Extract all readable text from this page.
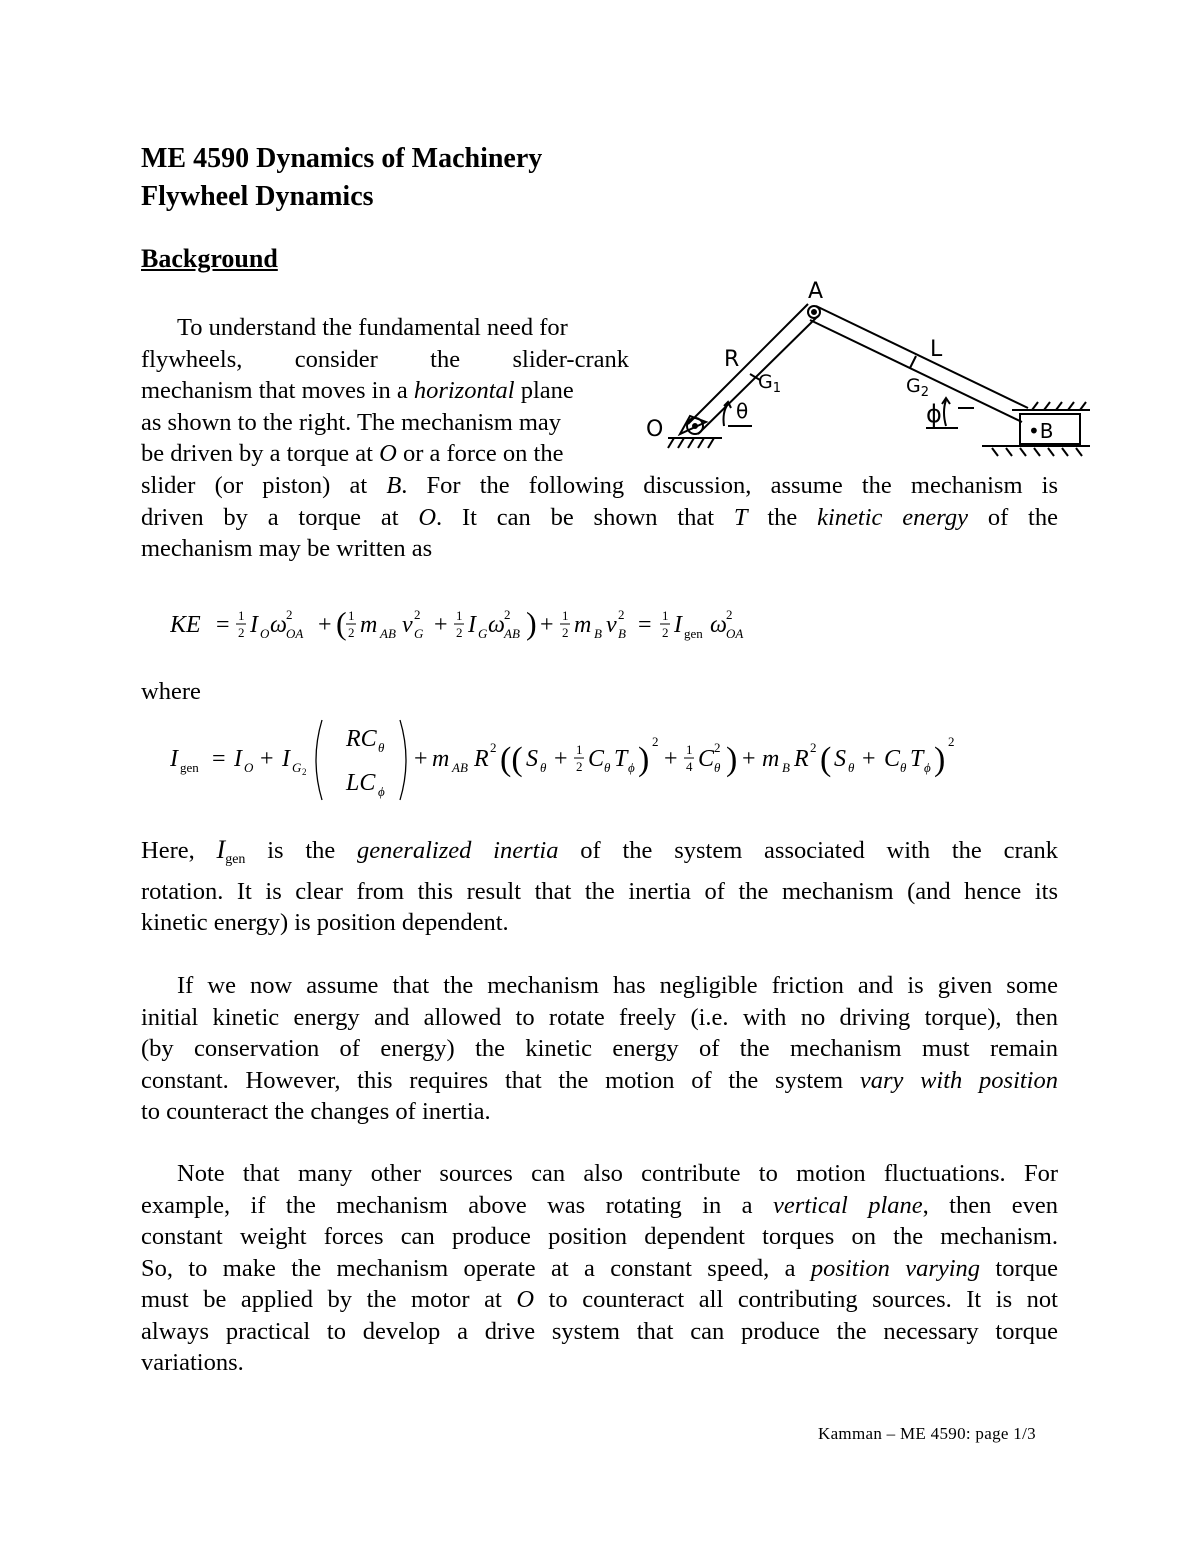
ME 4590 Dynamics of Machinery
Flywheel Dynamics
Background
To understand the fundamental need for
flywheels, consider the slider-crank
mechanism that moves in a horizontal plane
as shown to the right. The mechanism may
be driven by a torque at O or a force on the
slider (or piston) at B. For the following discussion, assume the mechanism is
driven by a torque at O. It can be shown that T the kinetic energy of the
mechanism may be written as
A
R	L
$G_1$	$G_2$
O
θ	ϕ
•B
KE = 1
2 I O ω 2
OA + ( 1
2 m AB v 2
G + 1
2 I G ω 2
AB ) + 1
2 m B v 2
B = 1
2 I gen ω 2
OA
where
I gen = I O + I G 2
RC θ
LC ϕ
+ m AB R 2 (( S θ + 1
2 C θ T ϕ ) 2
+ 1
4 C 2
θ ) + m B R 2 ( S θ + C θ T ϕ ) 2
Here, $I_{gen}$ is the generalized inertia of the system associated with the crank
rotation. It is clear from this result that the inertia of the mechanism (and hence its
kinetic energy) is position dependent.
If we now assume that the mechanism has negligible friction and is given some
initial kinetic energy and allowed to rotate freely (i.e. with no driving torque), then
(by conservation of energy) the kinetic energy of the mechanism must remain
constant. However, this requires that the motion of the system vary with position
to counteract the changes of inertia.
Note that many other sources can also contribute to motion fluctuations. For
example, if the mechanism above was rotating in a vertical plane, then even
constant weight forces can produce position dependent torques on the mechanism.
So, to make the mechanism operate at a constant speed, a position varying torque
must be applied by the motor at O to counteract all contributing sources. It is not
always practical to develop a drive system that can produce the necessary torque
variations.
Kamman – ME 4590: page 1/3
